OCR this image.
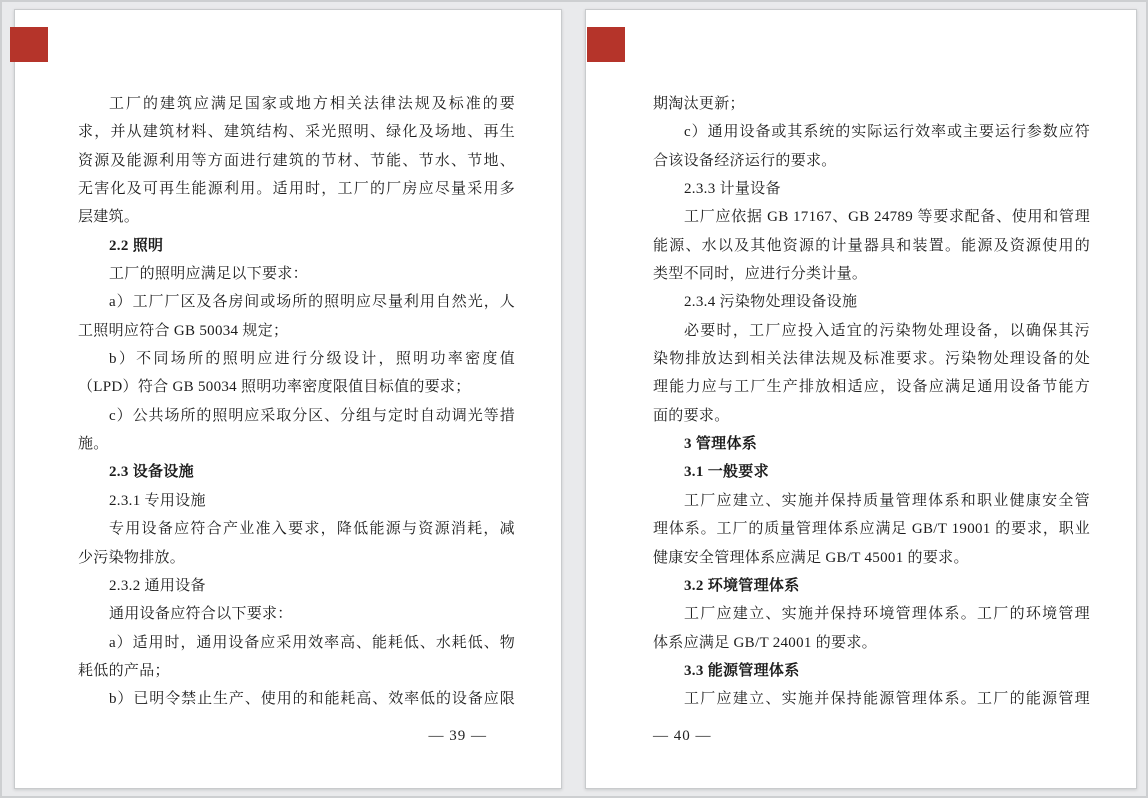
工厂的建筑应满足国家或地方相关法律法规及标准的要
求，并从建筑材料、建筑结构、采光照明、绿化及场地、再生
资源及能源利用等方面进行建筑的节材、节能、节水、节地、
无害化及可再生能源利用。适用时，工厂的厂房应尽量采用多
层建筑。
2.2 照明
工厂的照明应满足以下要求：
a）工厂厂区及各房间或场所的照明应尽量利用自然光，人
工照明应符合 GB 50034 规定；
b）不同场所的照明应进行分级设计，照明功率密度值
（LPD）符合 GB 50034 照明功率密度限值目标值的要求；
c）公共场所的照明应采取分区、分组与定时自动调光等措
施。
2.3 设备设施
2.3.1 专用设施
专用设备应符合产业准入要求，降低能源与资源消耗，减
少污染物排放。
2.3.2 通用设备
通用设备应符合以下要求：
a）适用时，通用设备应采用效率高、能耗低、水耗低、物
耗低的产品；
b）已明令禁止生产、使用的和能耗高、效率低的设备应限
— 39 —
期淘汰更新；
c）通用设备或其系统的实际运行效率或主要运行参数应符
合该设备经济运行的要求。
2.3.3 计量设备
工厂应依据 GB 17167、GB 24789 等要求配备、使用和管理
能源、水以及其他资源的计量器具和装置。能源及资源使用的
类型不同时，应进行分类计量。
2.3.4 污染物处理设备设施
必要时，工厂应投入适宜的污染物处理设备，以确保其污
染物排放达到相关法律法规及标准要求。污染物处理设备的处
理能力应与工厂生产排放相适应，设备应满足通用设备节能方
面的要求。
3 管理体系
3.1 一般要求
工厂应建立、实施并保持质量管理体系和职业健康安全管
理体系。工厂的质量管理体系应满足 GB/T 19001 的要求，职业
健康安全管理体系应满足 GB/T 45001 的要求。
3.2 环境管理体系
工厂应建立、实施并保持环境管理体系。工厂的环境管理
体系应满足 GB/T 24001 的要求。
3.3 能源管理体系
工厂应建立、实施并保持能源管理体系。工厂的能源管理
— 40 —
